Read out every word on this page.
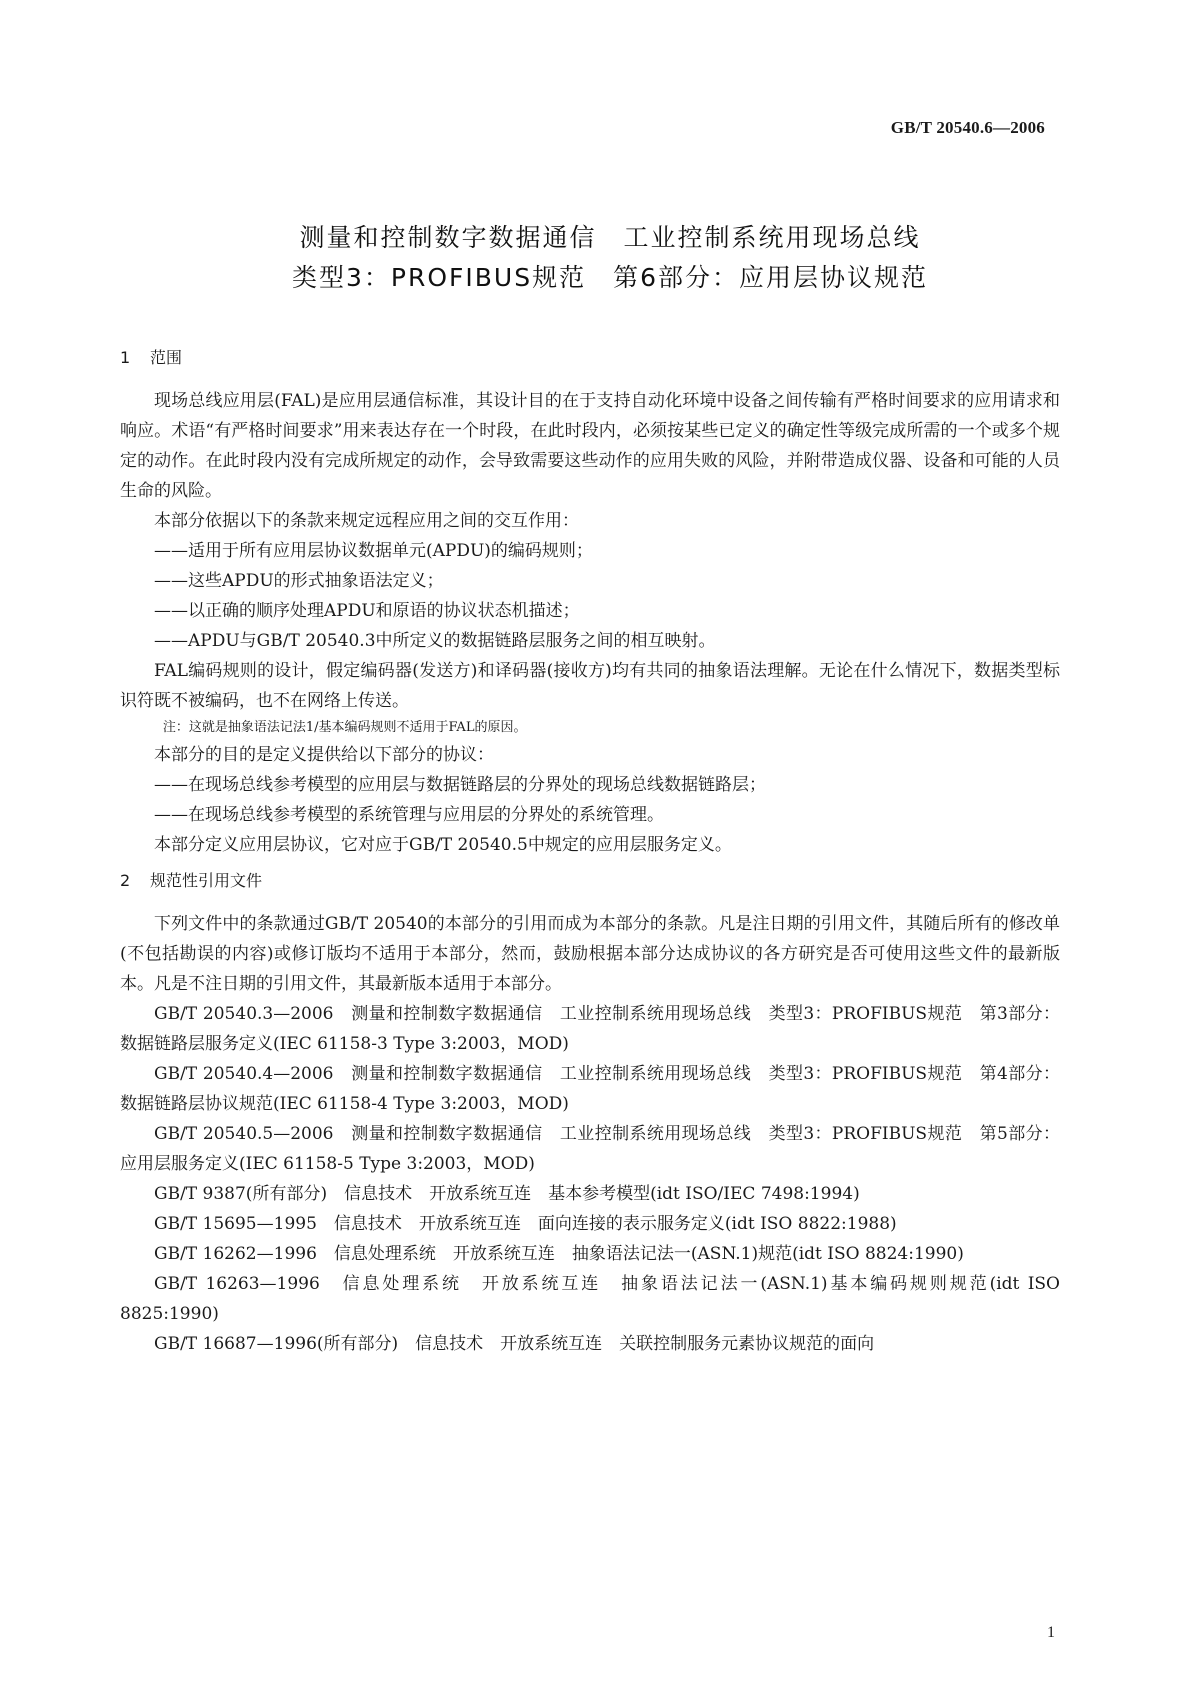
GB/T 20540.6—2006
测量和控制数字数据通信　工业控制系统用现场总线
类型3：PROFIBUS规范　第6部分：应用层协议规范
1 范围

现场总线应用层(FAL)是应用层通信标准，其设计目的在于支持自动化环境中设备之间传输有严格时间要求的应用请求和响应。术语“有严格时间要求”用来表达存在一个时段，在此时段内，必须按某些已定义的确定性等级完成所需的一个或多个规定的动作。在此时段内没有完成所规定的动作，会导致需要这些动作的应用失败的风险，并附带造成仪器、设备和可能的人员生命的风险。

本部分依据以下的条款来规定远程应用之间的交互作用：

——适用于所有应用层协议数据单元(APDU)的编码规则；

——这些APDU的形式抽象语法定义；

——以正确的顺序处理APDU和原语的协议状态机描述；

——APDU与GB/T 20540.3中所定义的数据链路层服务之间的相互映射。

FAL编码规则的设计，假定编码器(发送方)和译码器(接收方)均有共同的抽象语法理解。无论在什么情况下，数据类型标识符既不被编码，也不在网络上传送。

注：这就是抽象语法记法1/基本编码规则不适用于FAL的原因。

本部分的目的是定义提供给以下部分的协议：

——在现场总线参考模型的应用层与数据链路层的分界处的现场总线数据链路层；

——在现场总线参考模型的系统管理与应用层的分界处的系统管理。

本部分定义应用层协议，它对应于GB/T 20540.5中规定的应用层服务定义。

2 规范性引用文件

下列文件中的条款通过GB/T 20540的本部分的引用而成为本部分的条款。凡是注日期的引用文件，其随后所有的修改单(不包括勘误的内容)或修订版均不适用于本部分，然而，鼓励根据本部分达成协议的各方研究是否可使用这些文件的最新版本。凡是不注日期的引用文件，其最新版本适用于本部分。

GB/T 20540.3—2006　测量和控制数字数据通信　工业控制系统用现场总线　类型3：PROFIBUS规范　第3部分：数据链路层服务定义(IEC 61158-3 Type 3:2003，MOD)

GB/T 20540.4—2006　测量和控制数字数据通信　工业控制系统用现场总线　类型3：PROFIBUS规范　第4部分：数据链路层协议规范(IEC 61158-4 Type 3:2003，MOD)

GB/T 20540.5—2006　测量和控制数字数据通信　工业控制系统用现场总线　类型3：PROFIBUS规范　第5部分：应用层服务定义(IEC 61158-5 Type 3:2003，MOD)

GB/T 9387(所有部分)　信息技术　开放系统互连　基本参考模型(idt ISO/IEC 7498:1994)

GB/T 15695—1995　信息技术　开放系统互连　面向连接的表示服务定义(idt ISO 8822:1988)

GB/T 16262—1996　信息处理系统　开放系统互连　抽象语法记法一(ASN.1)规范(idt ISO 8824:1990)

GB/T 16263—1996　信息处理系统　开放系统互连　抽象语法记法一(ASN.1)基本编码规则规范(idt ISO 8825:1990)

GB/T 16687—1996(所有部分)　信息技术　开放系统互连　关联控制服务元素协议规范的面向

1
